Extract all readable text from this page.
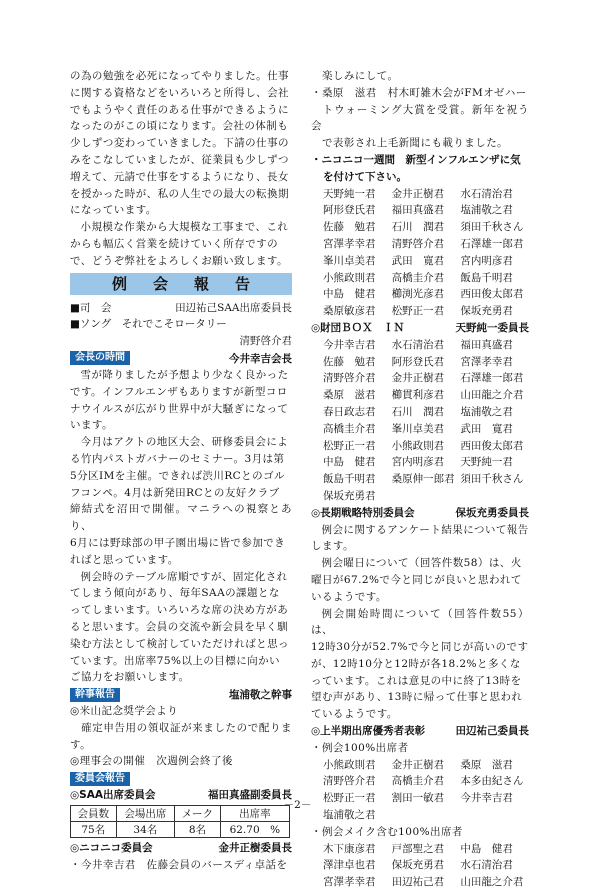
の為の勉強を必死になってやりました。仕事

に関する資格などをいろいろと所得し、会社

でもようやく責任のある仕事ができるように

なったのがこの頃になります。会社の体制も

少しずつ変わっていきました。下請の仕事の

みをこなしていましたが、従業員も少しずつ

増えて、元請で仕事をするようになり、長女

を授かった時が、私の人生での最大の転換期

になっています。

小規模な作業から大規模な工事まで、これ

からも幅広く営業を続けていく所存ですの

で、どうぞ弊社をよろしくお願い致します。

例会報告
■司　会	田辺祐己SAA出席委員長
■ソング　それでこそロータリー
清野啓介君
会長の時間	今井幸吉会長

雪が降りましたが予想より少なく良かった

です。インフルエンザもありますが新型コロ

ナウイルスが広がり世界中が大騒ぎになって

います。

今月はアクトの地区大会、研修委員会によ

る竹内パストガバナーのセミナー。3月は第

5分区IMを主催。できれば渋川RCとのゴル

フコンペ。4月は新発田RCとの友好クラブ

締結式を沼田で開催。マニラへの視察とあり、

6月には野球部の甲子園出場に皆で参加でき

ればと思っています。

例会時のテーブル席順ですが、固定化され

てしまう傾向があり、毎年SAAの課題とな

ってしまいます。いろいろな席の決め方があ

ると思います。会員の交流や新会員を早く馴

染む方法として検討していただければと思っ

ています。出席率75%以上の目標に向かい

ご協力をお願いします。

幹事報告	塩浦敬之幹事

◎米山記念奨学会より

　確定申告用の領収証が来ましたので配ります。

◎理事会の開催　次週例会終了後

委員会報告
◎SAA出席委員会	福田真盛副委員長
会員数	会場出席	メーク	出席率
75名	34名	8名	62.70　%
◎ニコニコ委員会	金井正樹委員長

・今井幸吉君　佐藤会員のバースディ卓話を

　楽しみにして。

・桑原　滋君　村木町雑木会がFMオゼハー

　トウォーミング大賞を受賞。新年を祝う会

　で表彰され上毛新聞にも載りました。

・ニコニコ一週間　新型インフルエンザに気
を付けて下さい。
天野純一君	金井正樹君	水石清治君
阿形登氏君	福田真盛君	塩浦敬之君
佐藤　勉君	石川　潤君	須田千秋さん
宮澤孝幸君	清野啓介君	石澤雄一郎君
峯川卓美君	武田　寛君	宮内明彦君
小熊政則君	高橋圭介君	飯島千明君
中島　健君	櫛渕光彦君	西田俊太郎君
桑原敏彦君	松野正一君	保坂充勇君
◎財団ＢＯＸ　ＩＮ	天野純一委員長
今井幸吉君	水石清治君	福田真盛君
佐藤　勉君	阿形登氏君	宮澤孝幸君
清野啓介君	金井正樹君	石澤雄一郎君
桑原　滋君	櫛貫利彦君	山田龍之介君
春日政志君	石川　潤君	塩浦敬之君
高橋圭介君	峯川卓美君	武田　寛君
松野正一君	小熊政則君	西田俊太郎君
中島　健君	宮内明彦君	天野純一君
飯島千明君	桑原伸一郎君 須田千秋さん
保坂充勇君
◎長期戦略特別委員会	保坂充勇委員長

例会に関するアンケート結果について報告

します。

例会曜日について（回答件数58）は、火

曜日が67.2%で今と同じが良いと思われて

いるようです。

例会開始時間について（回答件数55）は、

12時30分が52.7%で今と同じが高いのです

が、12時10分と12時が各18.2%と多くな

っています。これは意見の中に終了13時を

望む声があり、13時に帰って仕事と思われ

ているようです。

◎上半期出席優秀者表彰	田辺祐己委員長

・例会100%出席者

小熊政則君	金井正樹君	桑原　滋君
清野啓介君	高橋圭介君	本多由紀さん
松野正一君	割田一敏君	今井幸吉君
塩浦敬之君

・例会メイク含む100%出席者

木下康彦君	戸部聖之君	中島　健君
澤津卓也君	保坂充勇君	水石清治君
宮澤孝幸君	田辺祐己君	山田龍之介君
－2－
